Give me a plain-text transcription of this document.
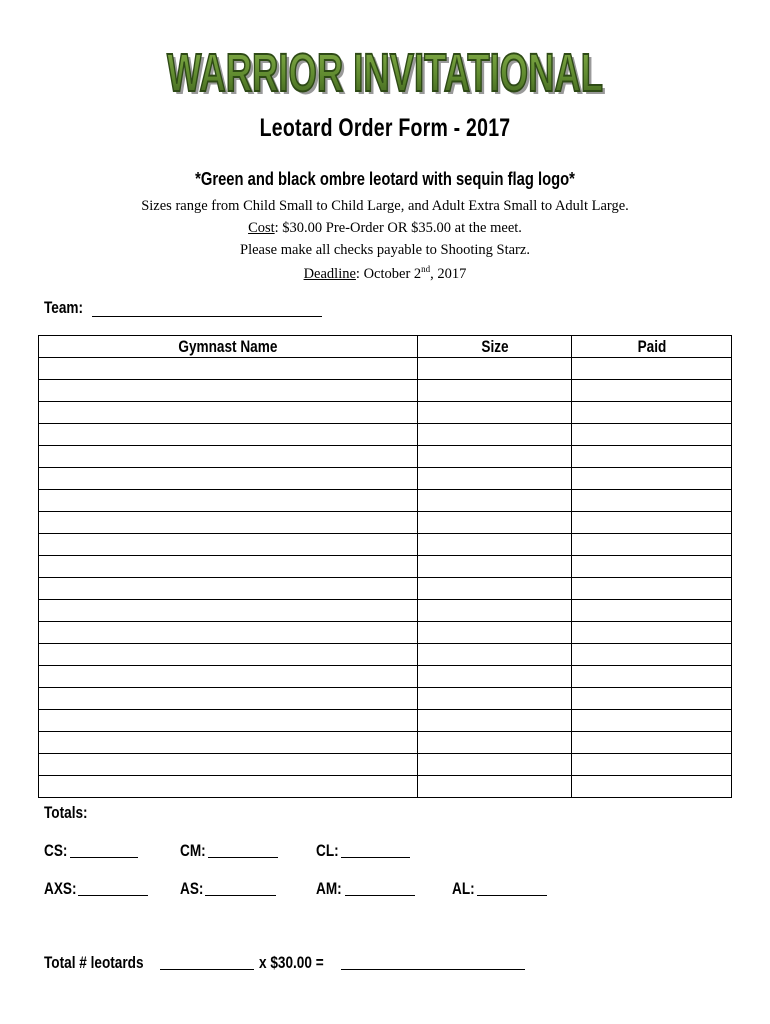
WARRIOR INVITATIONAL
WARRIOR INVITATIONAL
Leotard Order Form - 2017
*Green and black ombre leotard with sequin flag logo*
Sizes range from Child Small to Child Large, and Adult Extra Small to Adult Large.
Cost: $30.00 Pre-Order OR $35.00 at the meet.
Please make all checks payable to Shooting Starz.
Deadline: October 2nd, 2017
Team:
Gymnast Name	Size	Paid

Totals:
CS:	CM:	CL:
AXS:	AS:	AM:	AL:
Total # leotards	x $30.00 =
